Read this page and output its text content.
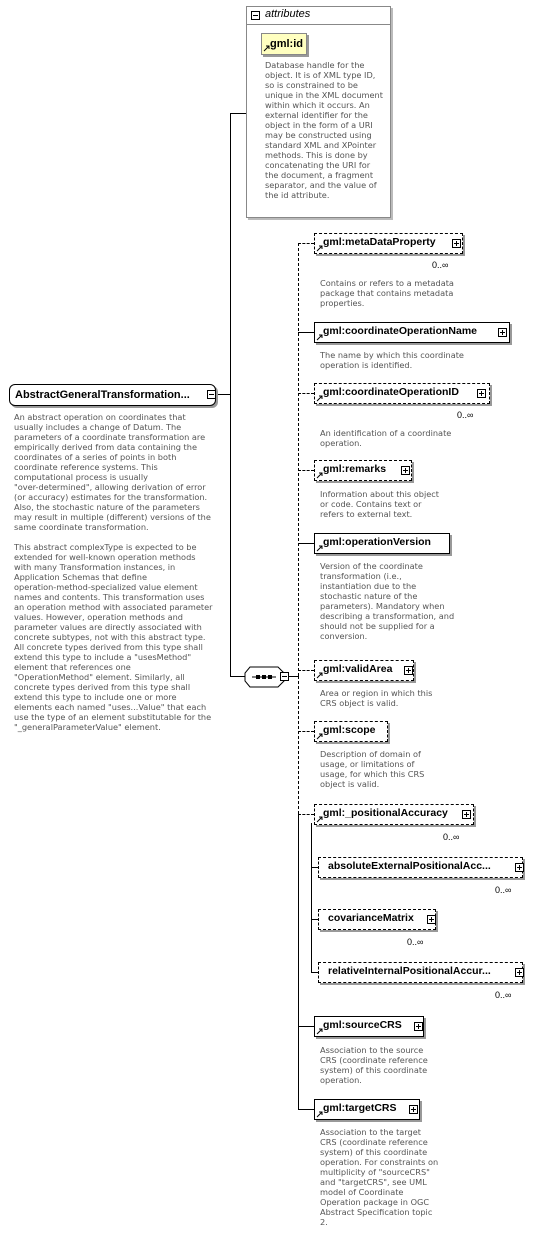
attributes
gml:id
Database handle for the
object. It is of XML type ID,
so is constrained to be
unique in the XML document
within which it occurs. An
external identifier for the
object in the form of a URI
may be constructed using
standard XML and XPointer
methods. This is done by
concatenating the URI for
the document, a fragment
separator, and the value of
the id attribute.
AbstractGeneralTransformation...
An abstract operation on coordinates that
usually includes a change of Datum. The
parameters of a coordinate transformation are
empirically derived from data containing the
coordinates of a series of points in both
coordinate reference systems. This
computational process is usually
"over-determined", allowing derivation of error
(or accuracy) estimates for the transformation.
Also, the stochastic nature of the parameters
may result in multiple (different) versions of the
same coordinate transformation.

This abstract complexType is expected to be
extended for well-known operation methods
with many Transformation instances, in
Application Schemas that define
operation-method-specialized value element
names and contents. This transformation uses
an operation method with associated parameter
values. However, operation methods and
parameter values are directly associated with
concrete subtypes, not with this abstract type.
All concrete types derived from this type shall
extend this type to include a "usesMethod"
element that references one
"OperationMethod" element. Similarly, all
concrete types derived from this type shall
extend this type to include one or more
elements each named "uses...Value" that each
use the type of an element substitutable for the
"_generalParameterValue" element.
gml:metaDataProperty
0..∞
Contains or refers to a metadata
package that contains metadata
properties.
gml:coordinateOperationName
The name by which this coordinate
operation is identified.
gml:coordinateOperationID
0..∞
An identification of a coordinate
operation.
gml:remarks
Information about this object
or code. Contains text or
refers to external text.
gml:operationVersion
Version of the coordinate
transformation (i.e.,
instantiation due to the
stochastic nature of the
parameters). Mandatory when
describing a transformation, and
should not be supplied for a
conversion.
gml:validArea
Area or region in which this
CRS object is valid.
gml:scope
Description of domain of
usage, or limitations of
usage, for which this CRS
object is valid.
gml:_positionalAccuracy
0..∞
absoluteExternalPositionalAcc...
0..∞
covarianceMatrix
0..∞
relativeInternalPositionalAccur...
0..∞
gml:sourceCRS
Association to the source
CRS (coordinate reference
system) of this coordinate
operation.
gml:targetCRS
Association to the target
CRS (coordinate reference
system) of this coordinate
operation. For constraints on
multiplicity of "sourceCRS"
and "targetCRS", see UML
model of Coordinate
Operation package in OGC
Abstract Specification topic
2.
